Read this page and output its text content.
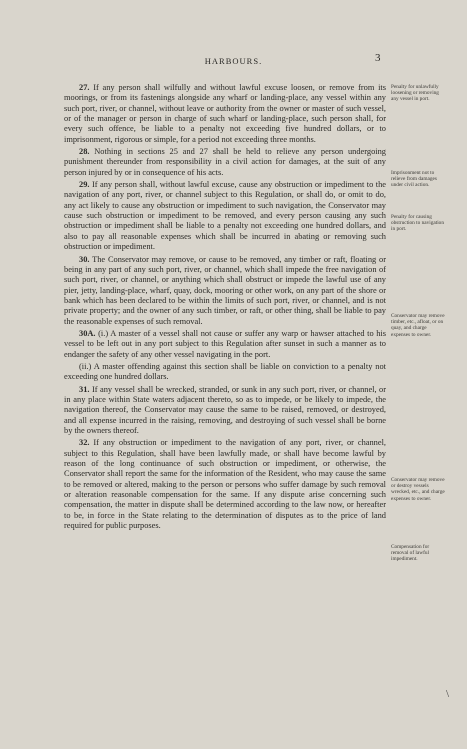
HARBOURS.	3

27. If any person shall wilfully and without lawful excuse loosen, or remove from its moorings, or from its fastenings alongside any wharf or landing-place, any vessel within any such port, river, or channel, without leave or authority from the owner or master of such vessel, or of the manager or person in charge of such wharf or landing-place, such person shall, for every such offence, be liable to a penalty not exceeding five hundred dollars, or to imprisonment, rigorous or simple, for a period not exceeding three months.

28. Nothing in sections 25 and 27 shall be held to relieve any person undergoing punishment thereunder from responsibility in a civil action for damages, at the suit of any person injured by or in consequence of his acts.

29. If any person shall, without lawful excuse, cause any obstruction or impediment to the navigation of any port, river, or channel subject to this Regulation, or shall do, or omit to do, any act likely to cause any obstruction or impediment to such navigation, the Conservator may cause such obstruction or impediment to be removed, and every person causing any such obstruction or impediment shall be liable to a penalty not exceeding one hundred dollars, and also to pay all reasonable expenses which shall be incurred in abating or removing such obstruction or impediment.

30. The Conservator may remove, or cause to be removed, any timber or raft, floating or being in any part of any such port, river, or channel, which shall impede the free navigation of such port, river, or channel, or anything which shall obstruct or impede the lawful use of any pier, jetty, landing-place, wharf, quay, dock, mooring or other work, on any part of the shore or bank which has been declared to be within the limits of such port, river, or channel, and is not private property; and the owner of any such timber, or raft, or other thing, shall be liable to pay the reasonable expenses of such removal.

30A. (i.) A master of a vessel shall not cause or suffer any warp or hawser attached to his vessel to be left out in any port subject to this Regulation after sunset in such a manner as to endanger the safety of any other vessel navigating in the port.

(ii.) A master offending against this section shall be liable on conviction to a penalty not exceeding one hundred dollars.

31. If any vessel shall be wrecked, stranded, or sunk in any such port, river, or channel, or in any place within State waters adjacent thereto, so as to impede, or be likely to impede, the navigation thereof, the Conservator may cause the same to be raised, removed, or destroyed, and all expense incurred in the raising, removing, and destroying of such vessel shall be borne by the owners thereof.

32. If any obstruction or impediment to the navigation of any port, river, or channel, subject to this Regulation, shall have been lawfully made, or shall have become lawful by reason of the long continuance of such obstruction or impediment, or otherwise, the Conservator shall report the same for the information of the Resident, who may cause the same to be removed or altered, making to the person or persons who suffer damage by such removal or alteration reasonable compensation for the same. If any dispute arise concerning such compensation, the matter in dispute shall be determined according to the law now, or hereafter to be, in force in the State relating to the determination of disputes as to the price of land required for public purposes.

Penalty for unlawfully loosening or removing any vessel in port.
Imprisonment not to relieve from damages under civil action.
Penalty for causing obstruction to navigation in port.
Conservator may remove timber, etc., afloat, or on quay, and charge expenses to owner.
Conservator may remove or destroy vessels wrecked, etc., and charge expenses to owner.
Compensation for removal of lawful impediment.
\
